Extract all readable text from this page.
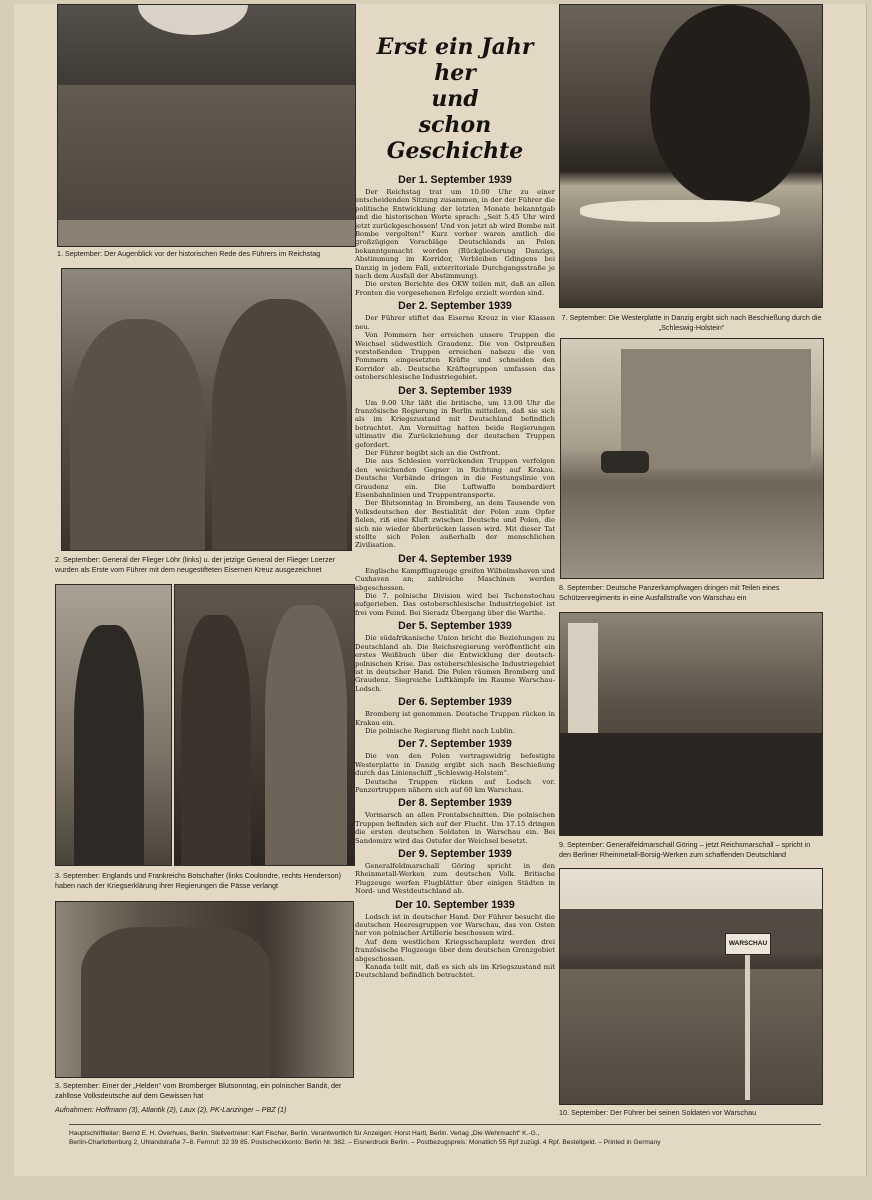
1. September: Der Augenblick vor der historischen Rede des Führers im Reichstag
2. September: General der Flieger Löhr (links) u. der jetzige General der Flieger Loerzer wurden als Erste vom Führer mit dem neugestifteten Eisernen Kreuz ausgezeichnet
3. September: Englands und Frankreichs Botschafter (links Coulondre, rechts Henderson) haben nach der Kriegserklärung ihrer Regierungen die Pässe verlangt
3. September: Einer der „Helden“ vom Bromberger Blutsonntag, ein polnischer Bandit, der zahllose Volksdeutsche auf dem Gewissen hat
Erst ein Jahr her
und
schon Geschichte
Der 1. September 1939

Der Reichstag trat um 10.00 Uhr zu einer entscheidenden Sitzung zusammen, in der der Führer die politische Entwicklung der letzten Monate bekanntgab und die historischen Worte sprach: „Seit 5.45 Uhr wird jetzt zurückgeschossen! Und von jetzt ab wird Bombe mit Bombe vergolten!“ Kurz vorher waren amtlich die großzügigen Vorschläge Deutschlands an Polen bekanntgemacht worden (Rückgliederung Danzigs, Abstimmung im Korridor, Verbleiben Gdingens bei Danzig in jedem Fall, exterritoriale Durchgangsstraße je nach dem Ausfall der Abstimmung).

Die ersten Berichte des OKW teilen mit, daß an allen Fronten die vorgesehenen Erfolge erzielt worden sind.

Der 2. September 1939

Der Führer stiftet das Eiserne Kreuz in vier Klassen neu.

Von Pommern her erreichen unsere Truppen die Weichsel südwestlich Graudenz. Die von Ostpreußen vorstoßenden Truppen erreichen nahezu die von Pommern eingesetzten Kräfte und schneiden den Korridor ab. Deutsche Kräftegruppen umfassen das ostoberschlesische Industriegebiet.

Der 3. September 1939

Um 9.00 Uhr läßt die britische, um 13.00 Uhr die französische Regierung in Berlin mitteilen, daß sie sich als im Kriegszustand mit Deutschland befindlich betrachtet. Am Vormittag hatten beide Regierungen ultimativ die Zurückziehung der deutschen Truppen gefordert.

Der Führer begibt sich an die Ostfront.

Die aus Schlesien vorrückenden Truppen verfolgen den weichenden Gegner in Richtung auf Krakau. Deutsche Verbände dringen in die Festungslinie von Graudenz ein. Die Luftwaffe bombardiert Eisenbahnlinien und Truppentransporte.

Der Blutsonntag in Bromberg, an dem Tausende von Volksdeutschen der Bestialität der Polen zum Opfer fielen, riß eine Kluft zwischen Deutsche und Polen, die sich nie wieder überbrücken lassen wird. Mit dieser Tat stellte sich Polen außerhalb der menschlichen Zivilisation.

Der 4. September 1939

Englische Kampfflugzeuge greifen Wilhelmshaven und Cuxhaven an; zahlreiche Maschinen werden abgeschossen.

Die 7. polnische Division wird bei Tschenstochau aufgerieben. Das ostoberschlesische Industriegebiet ist frei vom Feind. Bei Sieradz Übergang über die Warthe.

Der 5. September 1939

Die südafrikanische Union bricht die Beziehungen zu Deutschland ab. Die Reichsregierung veröffentlicht ein erstes Weißbuch über die Entwicklung der deutsch-polnischen Krise. Das ostoberschlesische Industriegebiet ist in deutscher Hand. Die Polen räumen Bromberg und Graudenz. Siegreiche Luftkämpfe im Raume Warschau-Lodsch.

Der 6. September 1939

Bromberg ist genommen. Deutsche Truppen rücken in Krakau ein.

Die polnische Regierung flieht nach Lublin.

Der 7. September 1939

Die von den Polen vertragswidrig befestigte Westerplatte in Danzig ergibt sich nach Beschießung durch das Linienschiff „Schleswig-Holstein“.

Deutsche Truppen rücken auf Lodsch vor. Panzertruppen nähern sich auf 60 km Warschau.

Der 8. September 1939

Vormarsch an allen Frontabschnitten. Die polnischen Truppen befinden sich auf der Flucht. Um 17.15 dringen die ersten deutschen Soldaten in Warschau ein. Bei Sandomirz wird das Ostufer der Weichsel besetzt.

Der 9. September 1939

Generalfeldmarschall Göring spricht in den Rheinmetall-Werken zum deutschen Volk. Britische Flugzeuge werfen Flugblätter über einigen Städten in Nord- und Westdeutschland ab.

Der 10. September 1939

Lodsch ist in deutscher Hand. Der Führer besucht die deutschen Heeresgruppen vor Warschau, das von Osten her von polnischer Artillerie beschossen wird.

Auf dem westlichen Kriegsschauplatz werden drei französische Flugzeuge über dem deutschen Grenzgebiet abgeschossen.

Kanada teilt mit, daß es sich als im Kriegszustand mit Deutschland befindlich betrachtet.

7. September: Die Westerplatte in Danzig ergibt sich nach Beschießung durch die „Schleswig-Holstein“
8. September: Deutsche Panzerkampfwagen dringen mit Teilen eines Schützenregiments in eine Ausfallstraße von Warschau ein
9. September: Generalfeldmarschall Göring – jetzt Reichsmarschall – spricht in den Berliner Rheinmetall-Borsig-Werken zum schaffenden Deutschland
WARSCHAU
10. September: Der Führer bei seinen Soldaten vor Warschau
Aufnahmen: Hoffmann (3), Atlantik (2), Laux (2), PK-Lanzinger – PBZ (1)

Hauptschriftleiter: Bernd E. H. Overhues, Berlin. Stellvertreter: Karl Fischer, Berlin. Verantwortlich für Anzeigen: Horst Hartl, Berlin. Verlag „Die Wehrmacht“ K.-G.,

Berlin-Charlottenburg 2, Uhlandstraße 7–8. Fernruf: 32 39 85. Postscheckkonto: Berlin Nr. 382. – Eisnerdruck Berlin. – Postbezugspreis: Monatlich 55 Rpf zuzügl. 4 Rpf. Bestellgeld. – Printed in Germany
